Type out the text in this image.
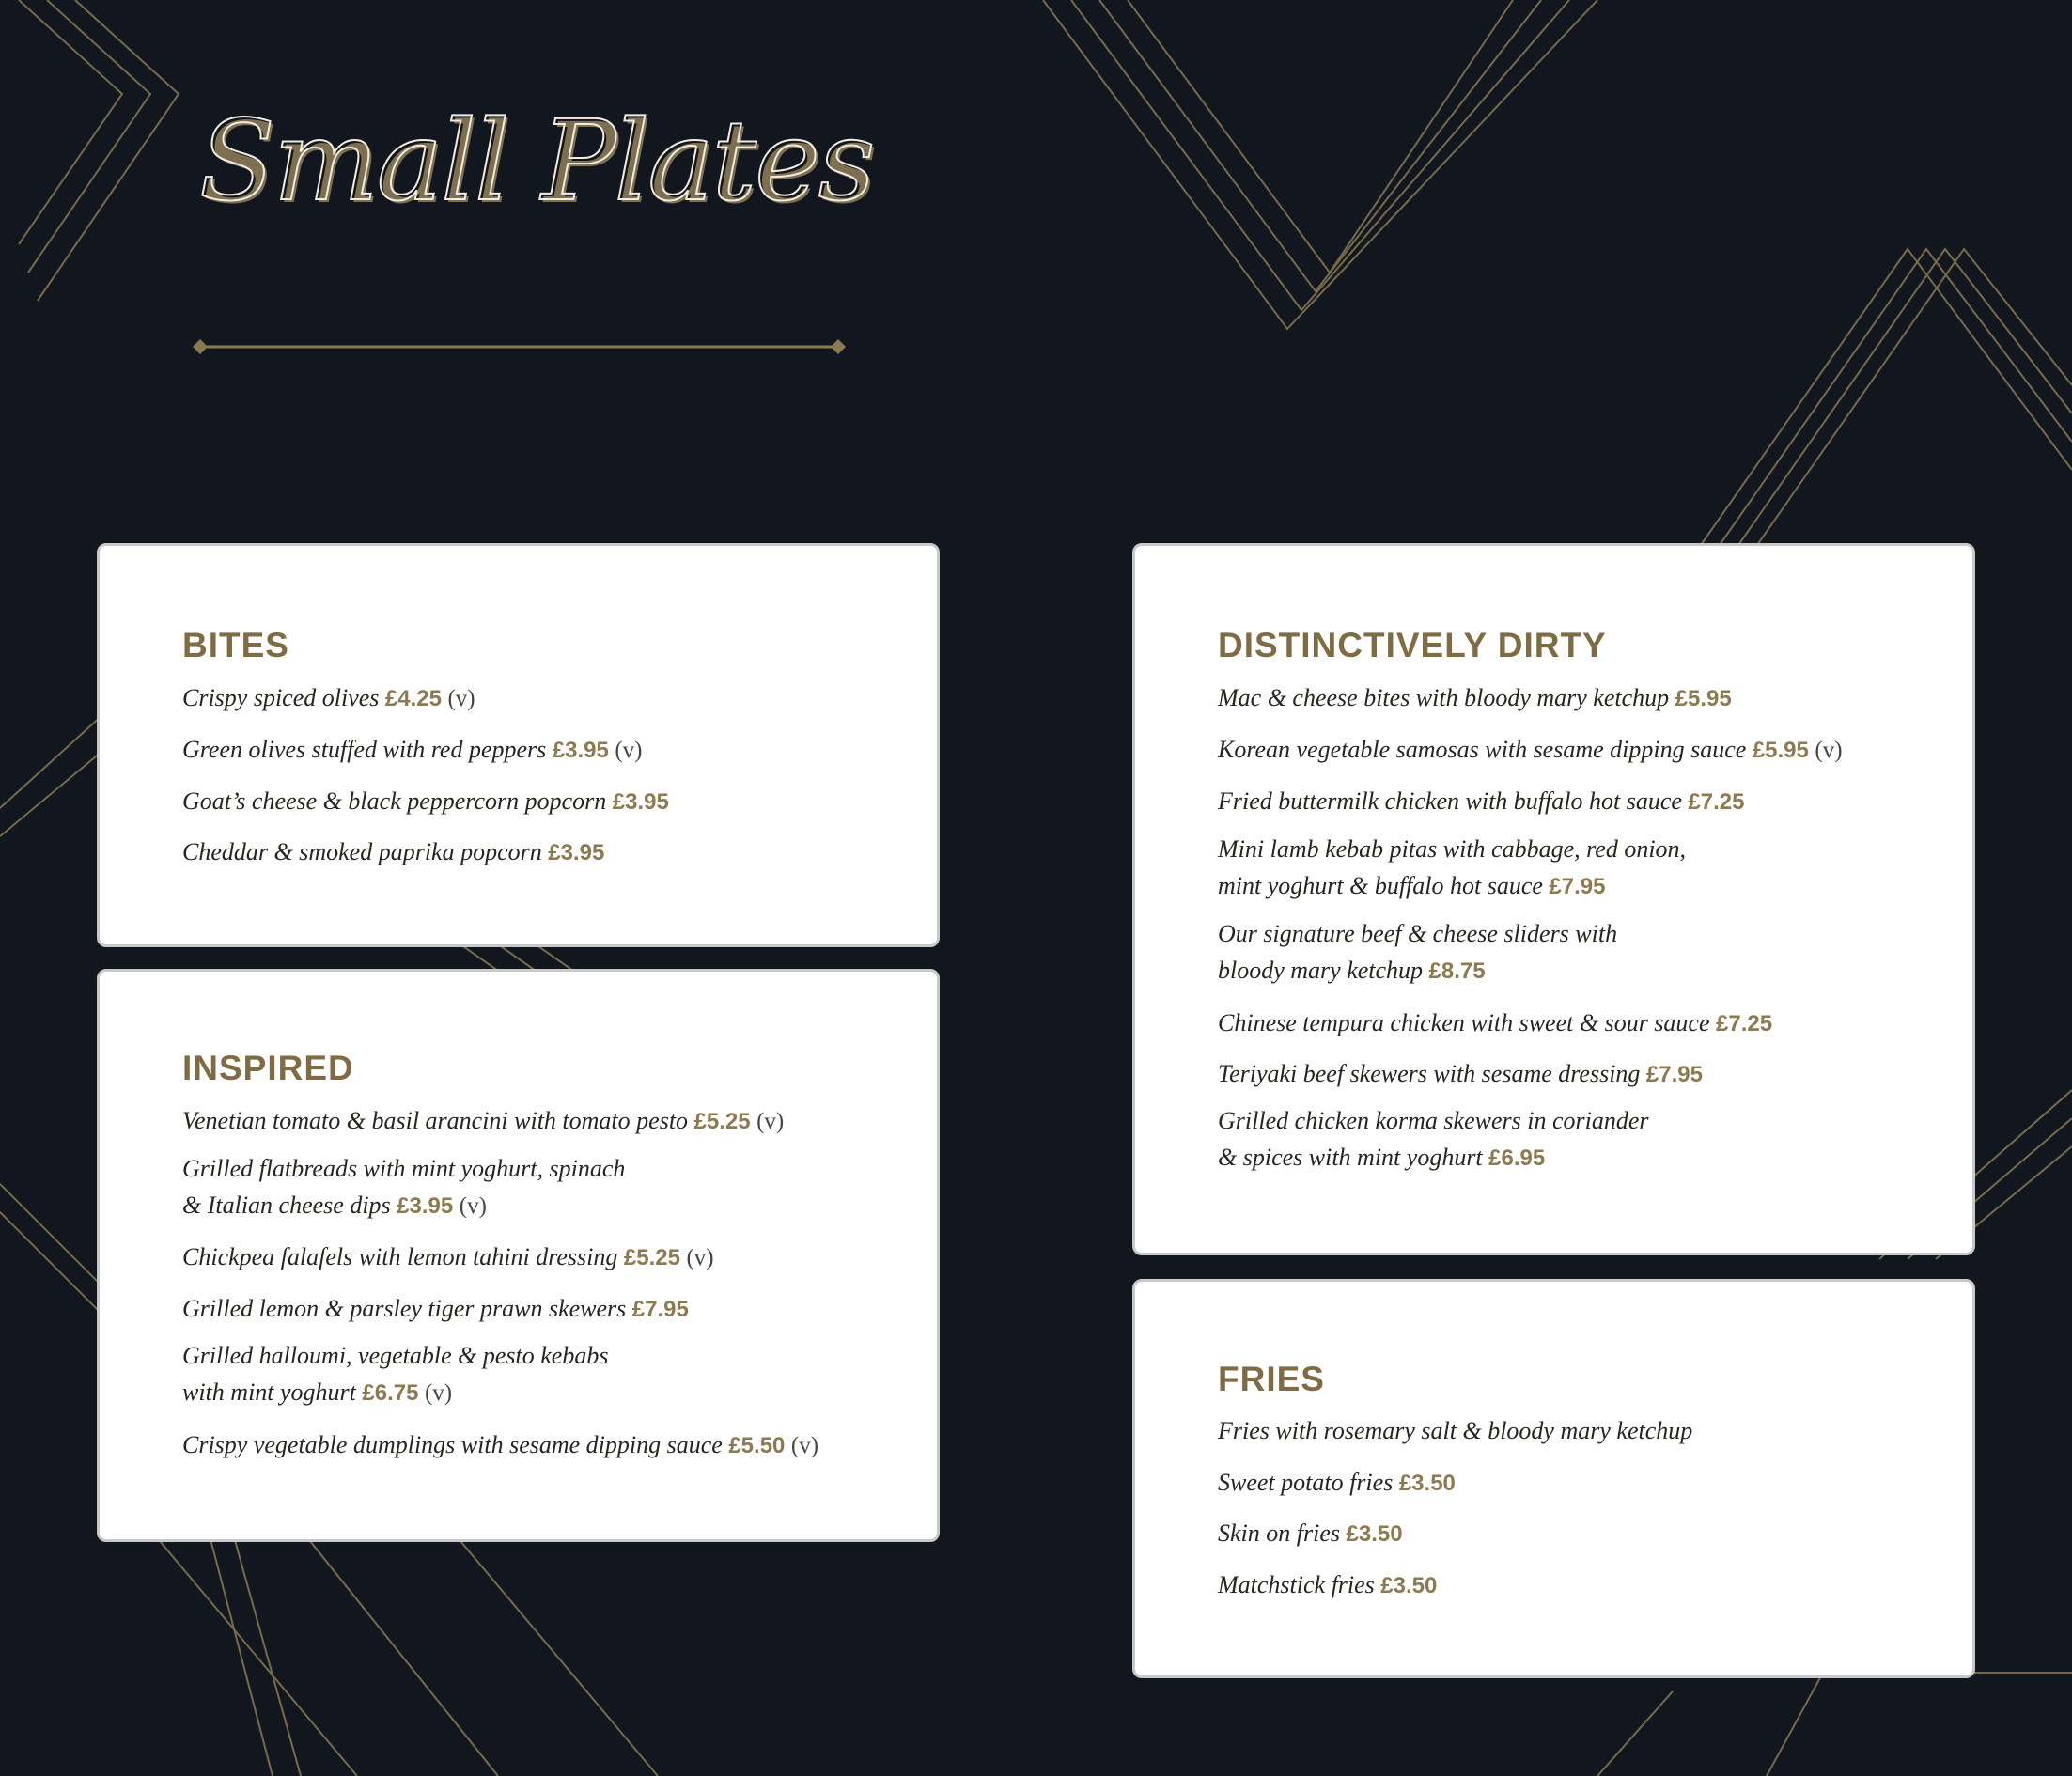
Small Plates
BITES

Crispy spiced olives £4.25 (v)

Green olives stuffed with red peppers £3.95 (v)

Goat’s cheese & black peppercorn popcorn £3.95

Cheddar & smoked paprika popcorn £3.95

INSPIRED

Venetian tomato & basil arancini with tomato pesto £5.25 (v)

Grilled flatbreads with mint yoghurt, spinach
& Italian cheese dips £3.95 (v)

Chickpea falafels with lemon tahini dressing £5.25 (v)

Grilled lemon & parsley tiger prawn skewers £7.95

Grilled halloumi, vegetable & pesto kebabs
with mint yoghurt £6.75 (v)

Crispy vegetable dumplings with sesame dipping sauce £5.50 (v)

DISTINCTIVELY DIRTY

Mac & cheese bites with bloody mary ketchup £5.95

Korean vegetable samosas with sesame dipping sauce £5.95 (v)

Fried buttermilk chicken with buffalo hot sauce £7.25

Mini lamb kebab pitas with cabbage, red onion,
mint yoghurt & buffalo hot sauce £7.95

Our signature beef & cheese sliders with
bloody mary ketchup £8.75

Chinese tempura chicken with sweet & sour sauce £7.25

Teriyaki beef skewers with sesame dressing £7.95

Grilled chicken korma skewers in coriander
& spices with mint yoghurt £6.95

FRIES

Fries with rosemary salt & bloody mary ketchup

Sweet potato fries £3.50

Skin on fries £3.50

Matchstick fries £3.50
